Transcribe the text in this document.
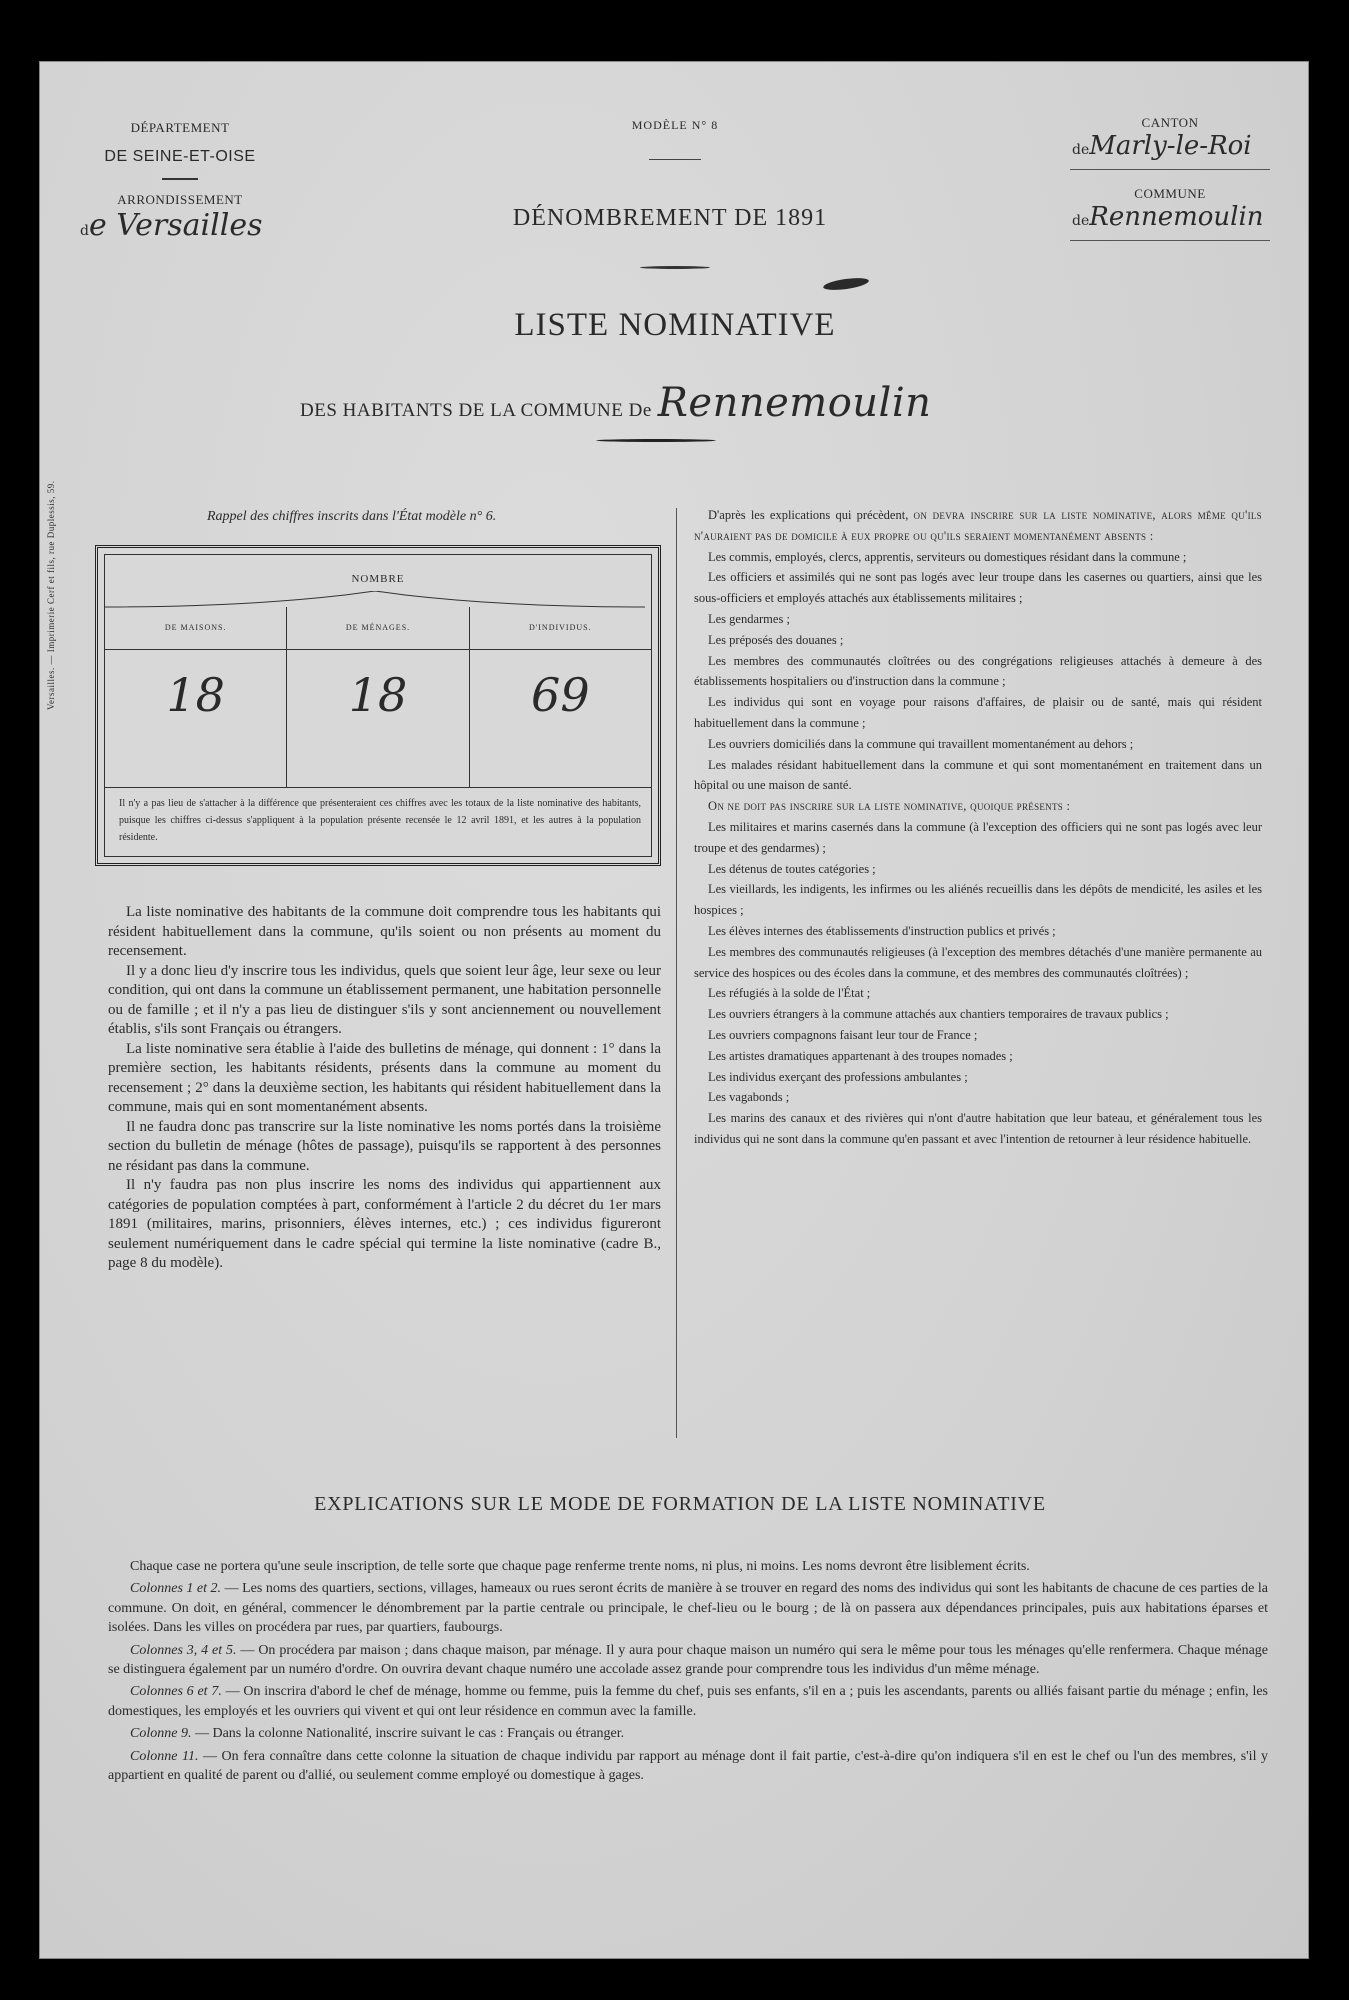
DÉPARTEMENT
DE SEINE-ET-OISE
ARRONDISSEMENT
de Versailles
MODÈLE N° 8
DÉNOMBREMENT DE 1891
CANTON
deMarly-le-Roi
COMMUNE
deRennemoulin
LISTE NOMINATIVE
DES HABITANTS DE LA COMMUNE De Rennemoulin
Rappel des chiffres inscrits dans l'État modèle n° 6.
Versailles. — Imprimerie Cerf et fils, rue Duplessis, 59.	NOMBRE
DE MAISONS.
18
DE MÉNAGES.
18
D'INDIVIDUS.
69
Il n'y a pas lieu de s'attacher à la différence que présenteraient ces chiffres avec les totaux de la liste nominative des habitants, puisque les chiffres ci-dessus s'appliquent à la population présente recensée le 12 avril 1891, et les autres à la population résidente.

La liste nominative des habitants de la commune doit comprendre tous les habitants qui résident habituellement dans la commune, qu'ils soient ou non présents au moment du recensement.

Il y a donc lieu d'y inscrire tous les individus, quels que soient leur âge, leur sexe ou leur condition, qui ont dans la commune un établissement permanent, une habitation personnelle ou de famille ; et il n'y a pas lieu de distinguer s'ils y sont anciennement ou nouvellement établis, s'ils sont Français ou étrangers.

La liste nominative sera établie à l'aide des bulletins de ménage, qui donnent : 1° dans la première section, les habitants résidents, présents dans la commune au moment du recensement ; 2° dans la deuxième section, les habitants qui résident habituellement dans la commune, mais qui en sont momentanément absents.

Il ne faudra donc pas transcrire sur la liste nominative les noms portés dans la troisième section du bulletin de ménage (hôtes de passage), puisqu'ils se rapportent à des personnes ne résidant pas dans la commune.

Il n'y faudra pas non plus inscrire les noms des individus qui appartiennent aux catégories de population comptées à part, conformément à l'article 2 du décret du 1er mars 1891 (militaires, marins, prisonniers, élèves internes, etc.) ; ces individus figureront seulement numériquement dans le cadre spécial qui termine la liste nominative (cadre B., page 8 du modèle).

D'après les explications qui précèdent, on devra inscrire sur la liste nominative, alors même qu'ils n'auraient pas de domicile à eux propre ou qu'ils seraient momentanément absents :

Les commis, employés, clercs, apprentis, serviteurs ou domestiques résidant dans la commune ;

Les officiers et assimilés qui ne sont pas logés avec leur troupe dans les casernes ou quartiers, ainsi que les sous-officiers et employés attachés aux établissements militaires ;

Les gendarmes ;

Les préposés des douanes ;

Les membres des communautés cloîtrées ou des congrégations religieuses attachés à demeure à des établissements hospitaliers ou d'instruction dans la commune ;

Les individus qui sont en voyage pour raisons d'affaires, de plaisir ou de santé, mais qui résident habituellement dans la commune ;

Les ouvriers domiciliés dans la commune qui travaillent momentanément au dehors ;

Les malades résidant habituellement dans la commune et qui sont momentanément en traitement dans un hôpital ou une maison de santé.

On ne doit pas inscrire sur la liste nominative, quoique présents :

Les militaires et marins casernés dans la commune (à l'exception des officiers qui ne sont pas logés avec leur troupe et des gendarmes) ;

Les détenus de toutes catégories ;

Les vieillards, les indigents, les infirmes ou les aliénés recueillis dans les dépôts de mendicité, les asiles et les hospices ;

Les élèves internes des établissements d'instruction publics et privés ;

Les membres des communautés religieuses (à l'exception des membres détachés d'une manière permanente au service des hospices ou des écoles dans la commune, et des membres des communautés cloîtrées) ;

Les réfugiés à la solde de l'État ;

Les ouvriers étrangers à la commune attachés aux chantiers temporaires de travaux publics ;

Les ouvriers compagnons faisant leur tour de France ;

Les artistes dramatiques appartenant à des troupes nomades ;

Les individus exerçant des professions ambulantes ;

Les vagabonds ;

Les marins des canaux et des rivières qui n'ont d'autre habitation que leur bateau, et généralement tous les individus qui ne sont dans la commune qu'en passant et avec l'intention de retourner à leur résidence habituelle.

EXPLICATIONS SUR LE MODE DE FORMATION DE LA LISTE NOMINATIVE

Chaque case ne portera qu'une seule inscription, de telle sorte que chaque page renferme trente noms, ni plus, ni moins. Les noms devront être lisiblement écrits.

Colonnes 1 et 2. — Les noms des quartiers, sections, villages, hameaux ou rues seront écrits de manière à se trouver en regard des noms des individus qui sont les habitants de chacune de ces parties de la commune. On doit, en général, commencer le dénombrement par la partie centrale ou principale, le chef-lieu ou le bourg ; de là on passera aux dépendances principales, puis aux habitations éparses et isolées. Dans les villes on procédera par rues, par quartiers, faubourgs.

Colonnes 3, 4 et 5. — On procédera par maison ; dans chaque maison, par ménage. Il y aura pour chaque maison un numéro qui sera le même pour tous les ménages qu'elle renfermera. Chaque ménage se distinguera également par un numéro d'ordre. On ouvrira devant chaque numéro une accolade assez grande pour comprendre tous les individus d'un même ménage.

Colonnes 6 et 7. — On inscrira d'abord le chef de ménage, homme ou femme, puis la femme du chef, puis ses enfants, s'il en a ; puis les ascendants, parents ou alliés faisant partie du ménage ; enfin, les domestiques, les employés et les ouvriers qui vivent et qui ont leur résidence en commun avec la famille.

Colonne 9. — Dans la colonne Nationalité, inscrire suivant le cas : Français ou étranger.

Colonne 11. — On fera connaître dans cette colonne la situation de chaque individu par rapport au ménage dont il fait partie, c'est-à-dire qu'on indiquera s'il en est le chef ou l'un des membres, s'il y appartient en qualité de parent ou d'allié, ou seulement comme employé ou domestique à gages.
